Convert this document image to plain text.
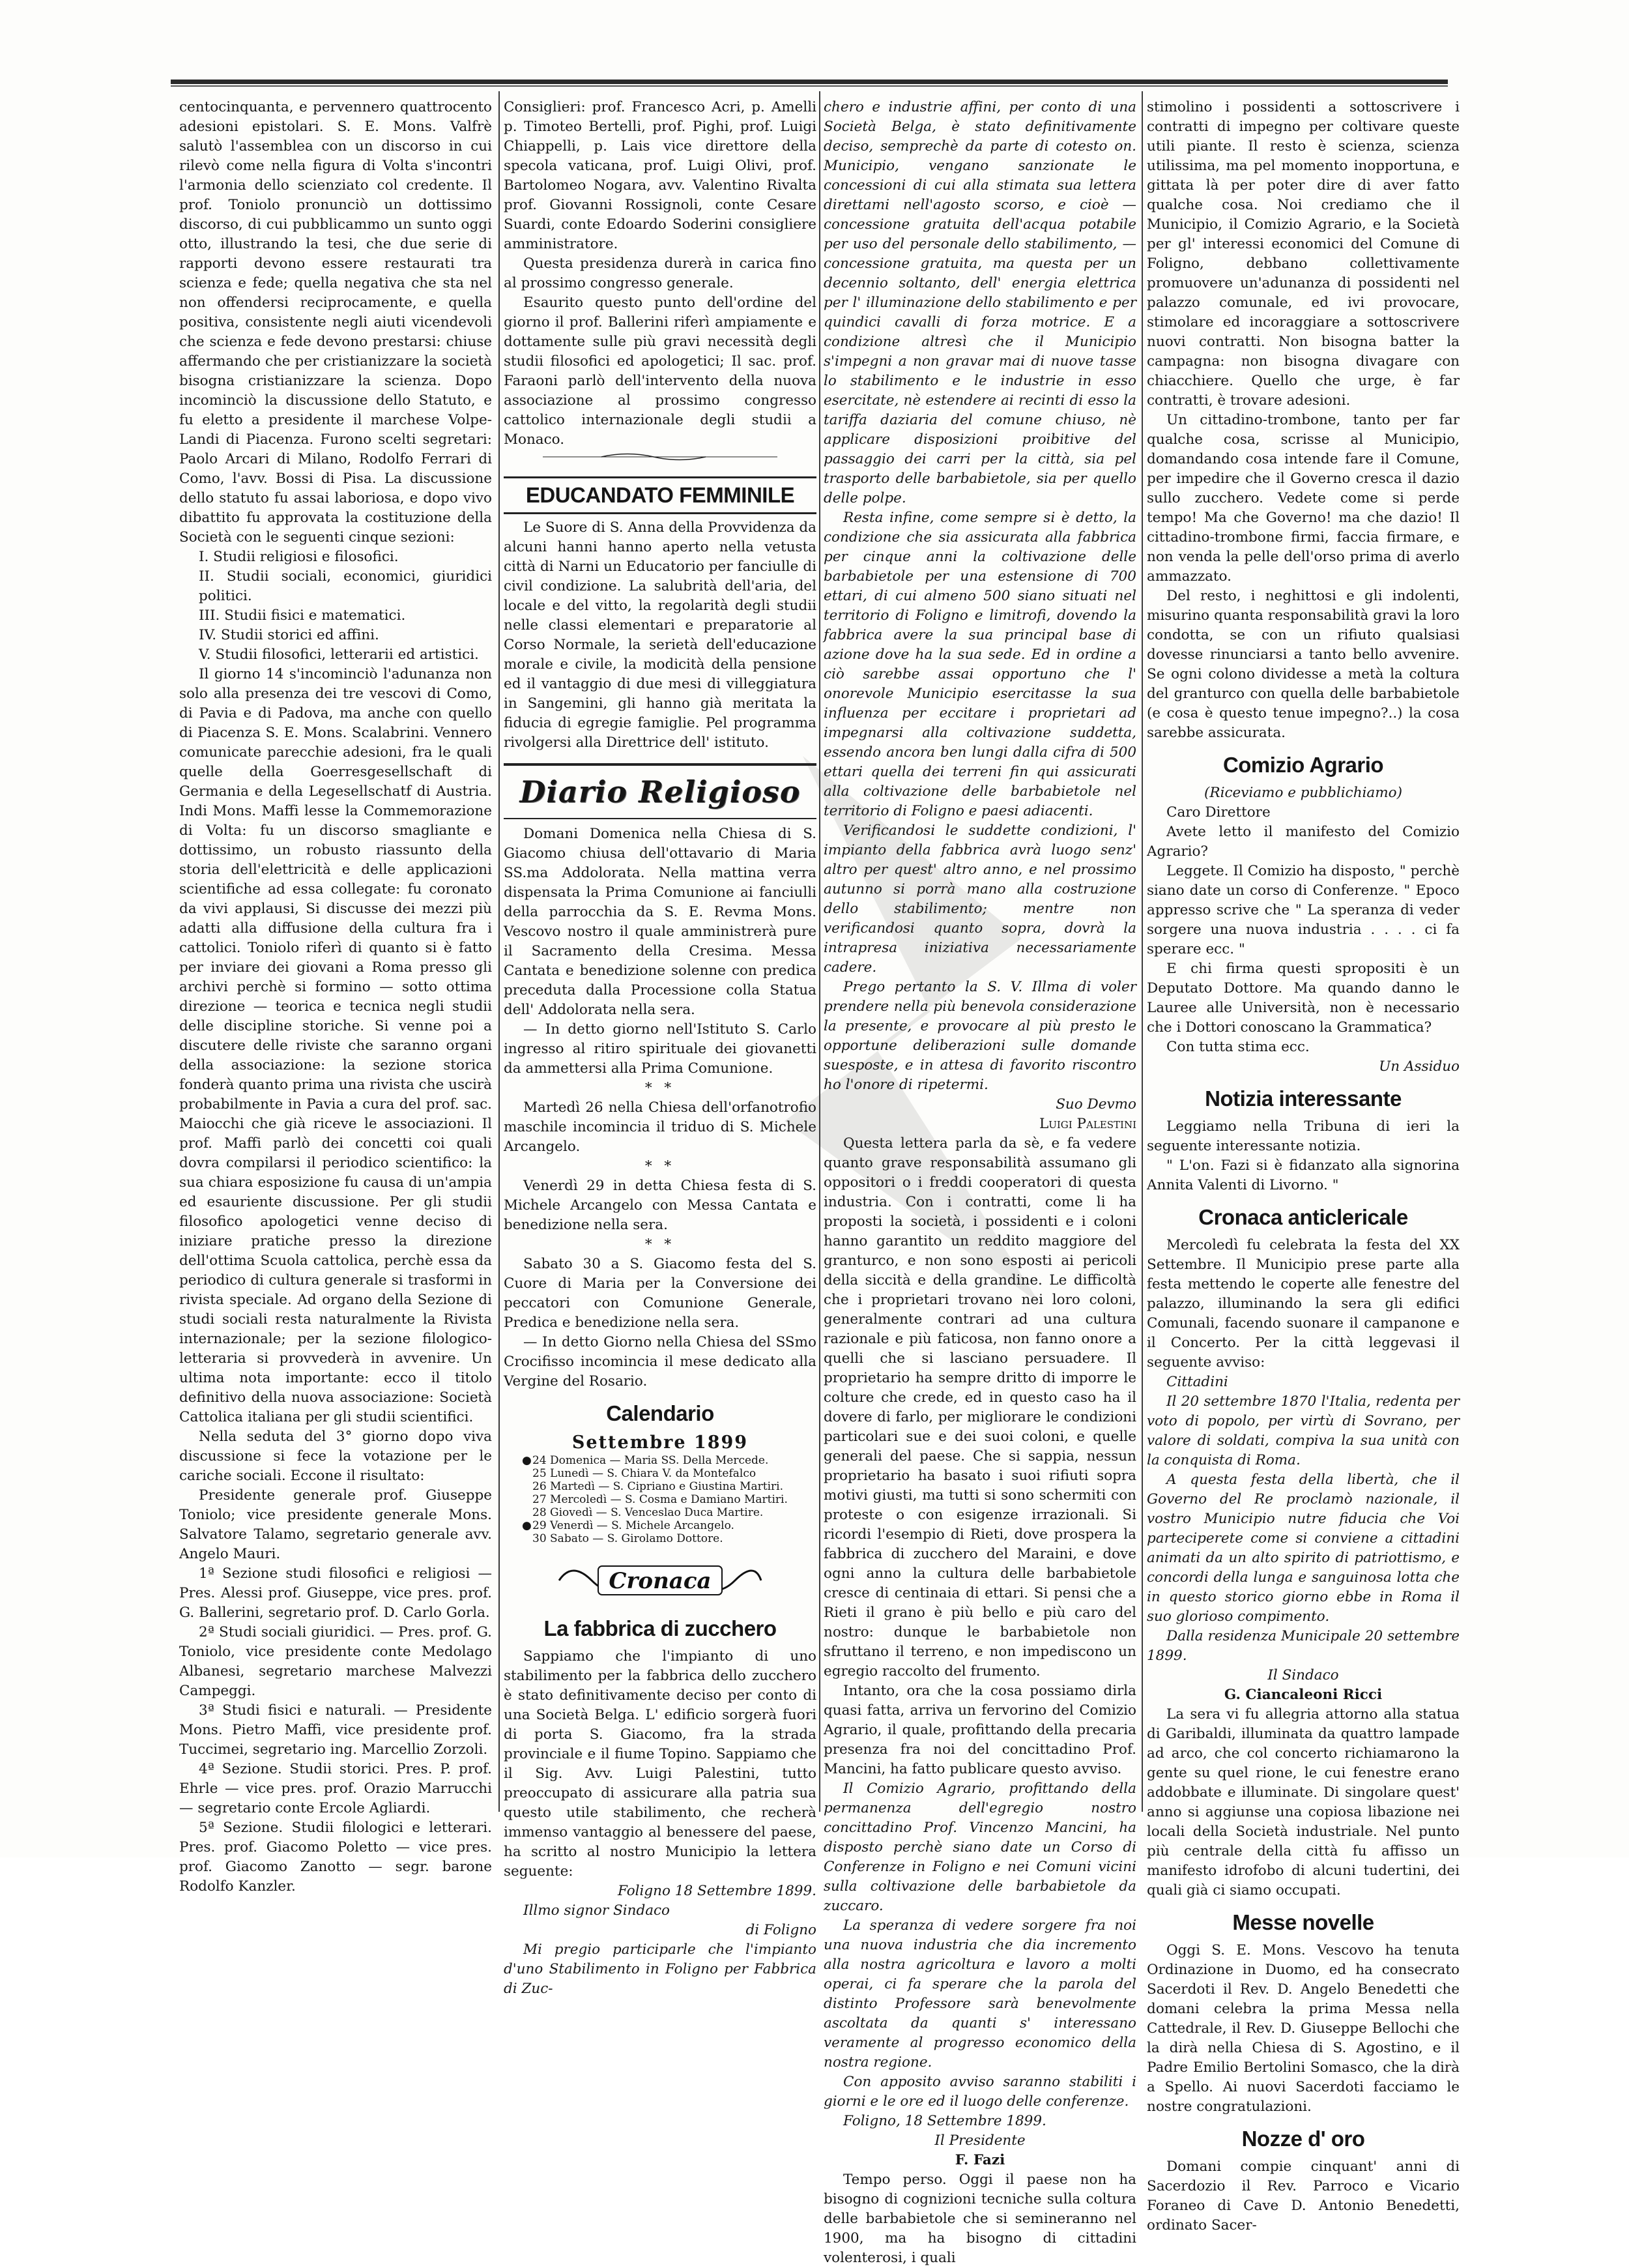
centocinquanta, e pervennero quattrocento adesioni epistolari. S. E. Mons. Valfrè salutò l'assemblea con un discorso in cui rilevò come nella figura di Volta s'incontri l'armonia dello scienziato col credente. Il prof. Toniolo pronunciò un dottissimo discorso, di cui pubblicammo un sunto oggi otto, illustrando la tesi, che due serie di rapporti devono essere restaurati tra scienza e fede; quella negativa che sta nel non offendersi reciprocamente, e quella positiva, consistente negli aiuti vicendevoli che scienza e fede devono prestarsi: chiuse affermando che per cristianizzare la società bisogna cristianizzare la scienza. Dopo incominciò la discussione dello Statuto, e fu eletto a presidente il marchese Volpe-Landi di Piacenza. Furono scelti segretari: Paolo Arcari di Milano, Rodolfo Ferrari di Como, l'avv. Bossi di Pisa. La discussione dello statuto fu assai laboriosa, e dopo vivo dibattito fu approvata la costituzione della Società con le seguenti cinque sezioni:

I. Studii religiosi e filosofici.

II. Studii sociali, economici, giuridici politici.

III. Studii fisici e matematici.

IV. Studii storici ed affini.

V. Studii filosofici, letterarii ed artistici.

Il giorno 14 s'incominciò l'adunanza non solo alla presenza dei tre vescovi di Como, di Pavia e di Padova, ma anche con quello di Piacenza S. E. Mons. Scalabrini. Vennero comunicate parecchie adesioni, fra le quali quelle della Goerresgesellschaft di Germania e della Legesellschatf di Austria. Indi Mons. Maffi lesse la Commemorazione di Volta: fu un discorso smagliante e dottissimo, un robusto riassunto della storia dell'elettricità e delle applicazioni scientifiche ad essa collegate: fu coronato da vivi applausi, Si discusse dei mezzi più adatti alla diffusione della cultura fra i cattolici. Toniolo riferì di quanto si è fatto per inviare dei giovani a Roma presso gli archivi perchè si formino — sotto ottima direzione — teorica e tecnica negli studii delle discipline storiche. Si venne poi a discutere delle riviste che saranno organi della associazione: la sezione storica fonderà quanto prima una rivista che uscirà probabilmente in Pavia a cura del prof. sac. Maiocchi che già riceve le associazioni. Il prof. Maffi parlò dei concetti coi quali dovra compilarsi il periodico scientifico: la sua chiara esposizione fu causa di un'ampia ed esauriente discussione. Per gli studii filosofico apologetici venne deciso di iniziare pratiche presso la direzione dell'ottima Scuola cattolica, perchè essa da periodico di cultura generale si trasformi in rivista speciale. Ad organo della Sezione di studi sociali resta naturalmente la Rivista internazionale; per la sezione filologico-letteraria si provvederà in avvenire. Un ultima nota importante: ecco il titolo definitivo della nuova associazione: Società Cattolica italiana per gli studii scientifici.

Nella seduta del 3° giorno dopo viva discussione si fece la votazione per le cariche sociali. Eccone il risultato:

Presidente generale prof. Giuseppe Toniolo; vice presidente generale Mons. Salvatore Talamo, segretario generale avv. Angelo Mauri.

1ª Sezione studi filosofici e religiosi — Pres. Alessi prof. Giuseppe, vice pres. prof. G. Ballerini, segretario prof. D. Carlo Gorla.

2ª Studi sociali giuridici. — Pres. prof. G. Toniolo, vice presidente conte Medolago Albanesi, segretario marchese Malvezzi Campeggi.

3ª Studi fisici e naturali. — Presidente Mons. Pietro Maffi, vice presidente prof. Tuccimei, segretario ing. Marcellio Zorzoli.

4ª Sezione. Studii storici. Pres. P. prof. Ehrle — vice pres. prof. Orazio Marrucchi — segretario conte Ercole Agliardi.

5ª Sezione. Studii filologici e letterari. Pres. prof. Giacomo Poletto — vice pres. prof. Giacomo Zanotto — segr. barone Rodolfo Kanzler.

Consiglieri: prof. Francesco Acri, p. Amelli p. Timoteo Bertelli, prof. Pighi, prof. Luigi Chiappelli, p. Lais vice direttore della specola vaticana, prof. Luigi Olivi, prof. Bartolomeo Nogara, avv. Valentino Rivalta prof. Giovanni Rossignoli, conte Cesare Suardi, conte Edoardo Soderini consigliere amministratore.

Questa presidenza durerà in carica fino al prossimo congresso generale.

Esaurito questo punto dell'ordine del giorno il prof. Ballerini riferì ampiamente e dottamente sulle più gravi necessità degli studii filosofici ed apologetici; Il sac. prof. Faraoni parlò dell'intervento della nuova associazione al prossimo congresso cattolico internazionale degli studii a Monaco.

EDUCANDATO FEMMINILE

Le Suore di S. Anna della Provvidenza da alcuni hanni hanno aperto nella vetusta città di Narni un Educatorio per fanciulle di civil condizione. La salubrità dell'aria, del locale e del vitto, la regolarità degli studii nelle classi elementari e preparatorie al Corso Normale, la serietà dell'educazione morale e civile, la modicità della pensione ed il vantaggio di due mesi di villeggiatura in Sangemini, gli hanno già meritata la fiducia di egregie famiglie. Pel programma rivolgersi alla Direttrice dell' istituto.

Diario Religioso

Domani Domenica nella Chiesa di S. Giacomo chiusa dell'ottavario di Maria SS.ma Addolorata. Nella mattina verra dispensata la Prima Comunione ai fanciulli della parrocchia da S. E. Revma Mons. Vescovo nostro il quale amministrerà pure il Sacramento della Cresima. Messa Cantata e benedizione solenne con predica preceduta dalla Processione colla Statua dell' Addolorata nella sera.

— In detto giorno nell'Istituto S. Carlo ingresso al ritiro spirituale dei giovanetti da ammettersi alla Prima Comunione.

* *

Martedì 26 nella Chiesa dell'orfanotrofio maschile incomincia il triduo di S. Michele Arcangelo.

* *

Venerdì 29 in detta Chiesa festa di S. Michele Arcangelo con Messa Cantata e benedizione nella sera.

* *

Sabato 30 a S. Giacomo festa del S. Cuore di Maria per la Conversione dei peccatori con Comunione Generale, Predica e benedizione nella sera.

— In detto Giorno nella Chiesa del SSmo Crocifisso incomincia il mese dedicato alla Vergine del Rosario.

Calendario
Settembre 1899
●24 Domenica — Maria SS. Della Mercede.
25 Lunedì — S. Chiara V. da Montefalco
26 Martedì — S. Cipriano e Giustina Martiri.
27 Mercoledì — S. Cosma e Damiano Martiri.
28 Giovedì — S. Venceslao Duca Martire.
●29 Venerdì — S. Michele Arcangelo.
30 Sabato — S. Girolamo Dottore.
Cronaca
La fabbrica di zucchero

Sappiamo che l'impianto di uno stabilimento per la fabbrica dello zucchero è stato definitivamente deciso per conto di una Società Belga. L' edificio sorgerà fuori di porta S. Giacomo, fra la strada provinciale e il fiume Topino. Sappiamo che il Sig. Avv. Luigi Palestini, tutto preoccupato di assicurare alla patria sua questo utile stabilimento, che recherà immenso vantaggio al benessere del paese, ha scritto al nostro Municipio la lettera seguente:

Foligno 18 Settembre 1899.

Illmo signor Sindaco

di Foligno

Mi pregio participarle che l'impianto d'uno Stabilimento in Foligno per Fabbrica di Zuc-

chero e industrie affini, per conto di una Società Belga, è stato definitivamente deciso, semprechè da parte di cotesto on. Municipio, vengano sanzionate le concessioni di cui alla stimata sua lettera direttami nell'agosto scorso, e cioè — concessione gratuita dell'acqua potabile per uso del personale dello stabilimento, — concessione gratuita, ma questa per un decennio soltanto, dell' energia elettrica per l' illuminazione dello stabilimento e per quindici cavalli di forza motrice. E a condizione altresì che il Municipio s'impegni a non gravar mai di nuove tasse lo stabilimento e le industrie in esso esercitate, nè estendere ai recinti di esso la tariffa daziaria del comune chiuso, nè applicare disposizioni proibitive del passaggio dei carri per la città, sia pel trasporto delle barbabietole, sia per quello delle polpe.

Resta infine, come sempre si è detto, la condizione che sia assicurata alla fabbrica per cinque anni la coltivazione delle barbabietole per una estensione di 700 ettari, di cui almeno 500 siano situati nel territorio di Foligno e limitrofi, dovendo la fabbrica avere la sua principal base di azione dove ha la sua sede. Ed in ordine a ciò sarebbe assai opportuno che l' onorevole Municipio esercitasse la sua influenza per eccitare i proprietari ad impegnarsi alla coltivazione suddetta, essendo ancora ben lungi dalla cifra di 500 ettari quella dei terreni fin qui assicurati alla coltivazione delle barbabietole nel territorio di Foligno e paesi adiacenti.

Verificandosi le suddette condizioni, l' impianto della fabbrica avrà luogo senz' altro per quest' altro anno, e nel prossimo autunno si porrà mano alla costruzione dello stabilimento; mentre non verificandosi quanto sopra, dovrà la intrapresa iniziativa necessariamente cadere.

Prego pertanto la S. V. Illma di voler prendere nella più benevola considerazione la presente, e provocare al più presto le opportune deliberazioni sulle domande suesposte, e in attesa di favorito riscontro ho l'onore di ripetermi.

Suo Devmo

Luigi Palestini

Questa lettera parla da sè, e fa vedere quanto grave responsabilità assumano gli oppositori o i freddi cooperatori di questa industria. Con i contratti, come li ha proposti la società, i possidenti e i coloni hanno garantito un reddito maggiore del granturco, e non sono esposti ai pericoli della siccità e della grandine. Le difficoltà che i proprietari trovano nei loro coloni, generalmente contrari ad una cultura razionale e più faticosa, non fanno onore a quelli che si lasciano persuadere. Il proprietario ha sempre dritto di imporre le colture che crede, ed in questo caso ha il dovere di farlo, per migliorare le condizioni particolari sue e dei suoi coloni, e quelle generali del paese. Che si sappia, nessun proprietario ha basato i suoi rifiuti sopra motivi giusti, ma tutti si sono schermiti con proteste o con esigenze irrazionali. Si ricordi l'esempio di Rieti, dove prospera la fabbrica di zucchero del Maraini, e dove ogni anno la cultura delle barbabietole cresce di centinaia di ettari. Si pensi che a Rieti il grano è più bello e più caro del nostro: dunque le barbabietole non sfruttano il terreno, e non impediscono un egregio raccolto del frumento.

Intanto, ora che la cosa possiamo dirla quasi fatta, arriva un fervorino del Comizio Agrario, il quale, profittando della precaria presenza fra noi del concittadino Prof. Mancini, ha fatto publicare questo avviso.

Il Comizio Agrario, profittando della permanenza dell'egregio nostro concittadino Prof. Vincenzo Mancini, ha disposto perchè siano date un Corso di Conferenze in Foligno e nei Comuni vicini sulla coltivazione delle barbabietole da zuccaro.

La speranza di vedere sorgere fra noi una nuova industria che dia incremento alla nostra agricoltura e lavoro a molti operai, ci fa sperare che la parola del distinto Professore sarà benevolmente ascoltata da quanti s' interessano veramente al progresso economico della nostra regione.

Con apposito avviso saranno stabiliti i giorni e le ore ed il luogo delle conferenze.

Foligno, 18 Settembre 1899.

Il Presidente

F. Fazi

Tempo perso. Oggi il paese non ha bisogno di cognizioni tecniche sulla coltura delle barbabietole che si semineranno nel 1900, ma ha bisogno di cittadini volenterosi, i quali

stimolino i possidenti a sottoscrivere i contratti di impegno per coltivare queste utili piante. Il resto è scienza, scienza utilissima, ma pel momento inopportuna, e gittata là per poter dire di aver fatto qualche cosa. Noi crediamo che il Municipio, il Comizio Agrario, e la Società per gl' interessi economici del Comune di Foligno, debbano collettivamente promuovere un'adunanza di possidenti nel palazzo comunale, ed ivi provocare, stimolare ed incoraggiare a sottoscrivere nuovi contratti. Non bisogna batter la campagna: non bisogna divagare con chiacchiere. Quello che urge, è far contratti, è trovare adesioni.

Un cittadino-trombone, tanto per far qualche cosa, scrisse al Municipio, domandando cosa intende fare il Comune, per impedire che il Governo cresca il dazio sullo zucchero. Vedete come si perde tempo! Ma che Governo! ma che dazio! Il cittadino-trombone firmi, faccia firmare, e non venda la pelle dell'orso prima di averlo ammazzato.

Del resto, i neghittosi e gli indolenti, misurino quanta responsabilità gravi la loro condotta, se con un rifiuto qualsiasi dovesse rinunciarsi a tanto bello avvenire. Se ogni colono dividesse a metà la coltura del granturco con quella delle barbabietole (e cosa è questo tenue impegno?..) la cosa sarebbe assicurata.

Comizio Agrario

(Riceviamo e pubblichiamo)

Caro Direttore

Avete letto il manifesto del Comizio Agrario?

Leggete. Il Comizio ha disposto, " perchè siano date un corso di Conferenze. " Epoco appresso scrive che " La speranza di veder sorgere una nuova industria . . . . ci fa sperare ecc. "

E chi firma questi spropositi è un Deputato Dottore. Ma quando danno le Lauree alle Università, non è necessario che i Dottori conoscano la Grammatica?

Con tutta stima ecc.

Un Assiduo

Notizia interessante

Leggiamo nella Tribuna di ieri la seguente interessante notizia.

" L'on. Fazi si è fidanzato alla signorina Annita Valenti di Livorno. "

Cronaca anticlericale

Mercoledì fu celebrata la festa del XX Settembre. Il Municipio prese parte alla festa mettendo le coperte alle fenestre del palazzo, illuminando la sera gli edifici Comunali, facendo suonare il campanone e il Concerto. Per la città leggevasi il seguente avviso:

Cittadini

Il 20 settembre 1870 l'Italia, redenta per voto di popolo, per virtù di Sovrano, per valore di soldati, compiva la sua unità con la conquista di Roma.

A questa festa della libertà, che il Governo del Re proclamò nazionale, il vostro Municipio nutre fiducia che Voi parteciperete come si conviene a cittadini animati da un alto spirito di patriottismo, e concordi della lunga e sanguinosa lotta che in questo storico giorno ebbe in Roma il suo glorioso compimento.

Dalla residenza Municipale 20 settembre 1899.

Il Sindaco

G. Ciancaleoni Ricci

La sera vi fu allegria attorno alla statua di Garibaldi, illuminata da quattro lampade ad arco, che col concerto richiamarono la gente su quel rione, le cui fenestre erano addobbate e illuminate. Di singolare quest' anno si aggiunse una copiosa libazione nei locali della Società industriale. Nel punto più centrale della città fu affisso un manifesto idrofobo di alcuni tudertini, dei quali già ci siamo occupati.

Messe novelle

Oggi S. E. Mons. Vescovo ha tenuta Ordinazione in Duomo, ed ha consecrato Sacerdoti il Rev. D. Angelo Benedetti che domani celebra la prima Messa nella Cattedrale, il Rev. D. Giuseppe Bellochi che la dirà nella Chiesa di S. Agostino, e il Padre Emilio Bertolini Somasco, che la dirà a Spello. Ai nuovi Sacerdoti facciamo le nostre congratulazioni.

Nozze d' oro

Domani compie cinquant' anni di Sacerdozio il Rev. Parroco e Vicario Foraneo di Cave D. Antonio Benedetti, ordinato Sacer-
